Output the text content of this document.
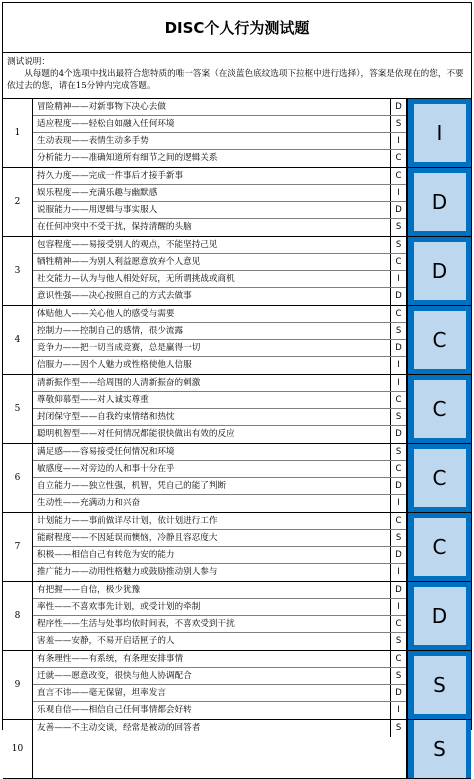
DISC个人行为测试题
测试说明：
从每题的4个选项中找出最符合您特质的唯一答案（在淡蓝色底纹选项下拉框中进行选择），答案是依现在的您，不要依过去的您，请在15分钟内完成答题。
1
冒险精神——对新事物下决心去做	D
适应程度——轻松自如融入任何环境	S
生动表现——表情生动多手势	I
分析能力——准确知道所有细节之间的逻辑关系	C
I
2
持久力度——完成一件事后才接手新事	C
娱乐程度——充满乐趣与幽默感	I
说服能力——用逻辑与事实服人	D
在任何冲突中不受干扰，保持清醒的头脑	S
D
3
包容程度——易接受别人的观点，不能坚持己见	S
牺牲精神——为别人利益愿意放弃个人意见	C
社交能力—认为与他人相处好玩，无所谓挑战或商机	I
意识性强——决心按照自己的方式去做事	D
D
4
体贴他人——关心他人的感受与需要	C
控制力——控制自己的感情，很少流露	S
竞争力——把一切当成竞赛，总是赢得一切	D
信服力——因个人魅力或性格使他人信服	I
C
5
清新振作型——给周围的人清新振奋的刺激	I
尊敬仰慕型——对人诚实尊重	C
封闭保守型——自我约束情绪和热忱	S
聪明机智型——对任何情况都能很快做出有效的反应	D
C
6
满足感——容易接受任何情况和环境	S
敏感度——对旁边的人和事十分在乎	C
自立能力——独立性强，机智，凭自己的能了判断	D
生动性——充满动力和兴奋	I
C
7
计划能力——事前做详尽计划，依计划进行工作	C
能耐程度——不因延误而懊恼，冷静且容忍度大	S
积极——相信自己有转危为安的能力	D
推广能力——动用性格魅力或鼓励推动别人参与	I
C
8
有把握——自信，极少犹豫	D
率性——不喜欢事先计划，或受计划的牵制	I
程序性——生活与处事均依时间表，不喜欢受到干扰	C
害羞——安静，不易开启话匣子的人	S
D
9
有条理性——有系统，有条理安排事情	C
迁就——愿意改变，很快与他人协调配合	S
直言不讳——毫无保留，坦率发言	D
乐观自信——相信自己任何事情都会好转	I
S
10
友善——不主动交谈，经常是被动的回答者	S
S
